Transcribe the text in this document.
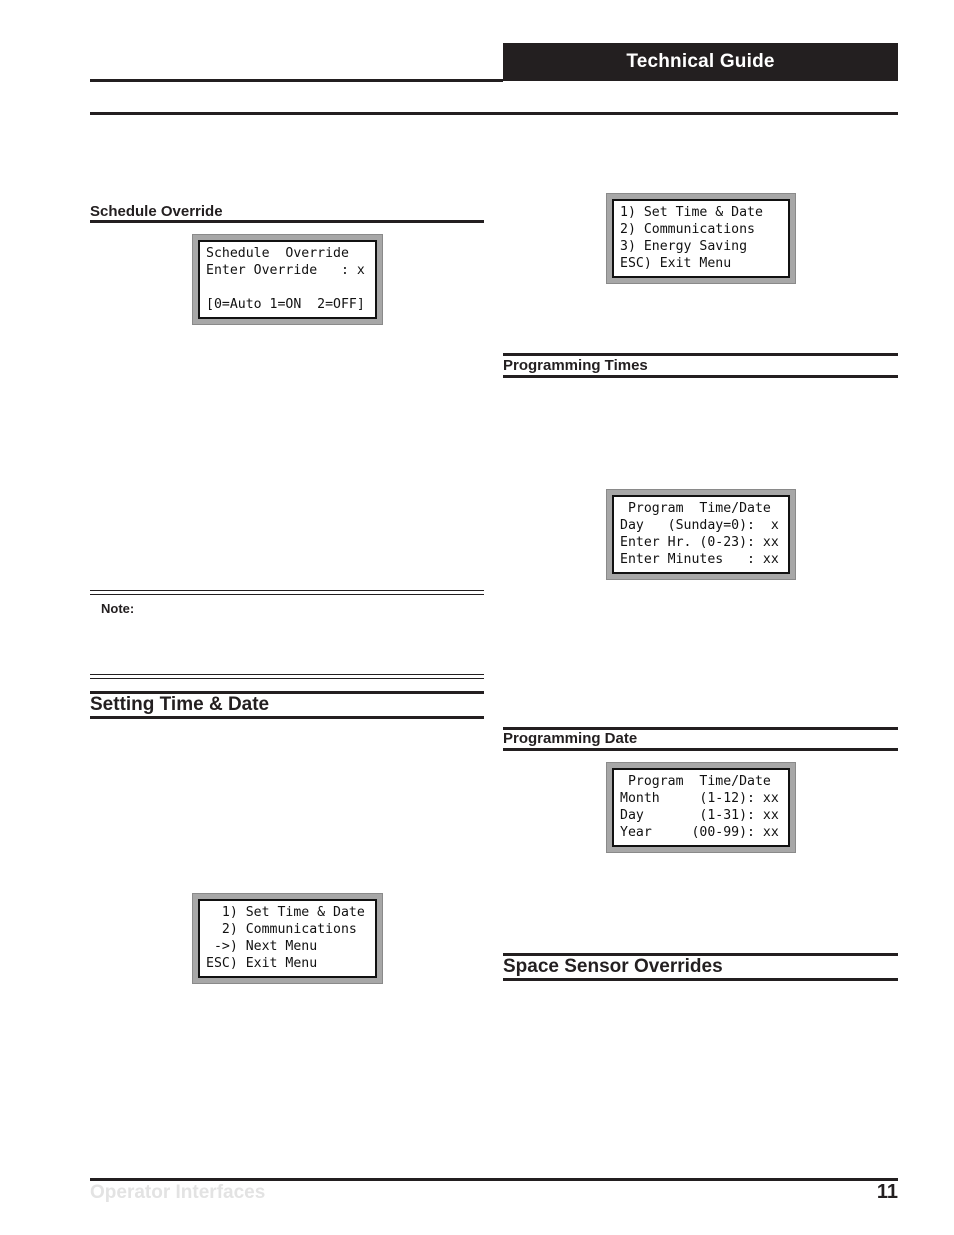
Technical Guide
Schedule Override
Schedule  Override
Enter Override   : x
[0=Auto 1=ON  2=OFF]
Note:
Setting Time & Date
1) Set Time & Date
2) Communications
->) Next Menu
ESC) Exit Menu
1) Set Time & Date
2) Communications
3) Energy Saving
ESC) Exit Menu
Programming Times
Program  Time/Date
Day   (Sunday=0):  x
Enter Hr. (0-23): xx
Enter Minutes   : xx
Programming Date
Program  Time/Date
Month     (1-12): xx
Day       (1-31): xx
Year     (00-99): xx
Space Sensor Overrides
Operator Interfaces	11
